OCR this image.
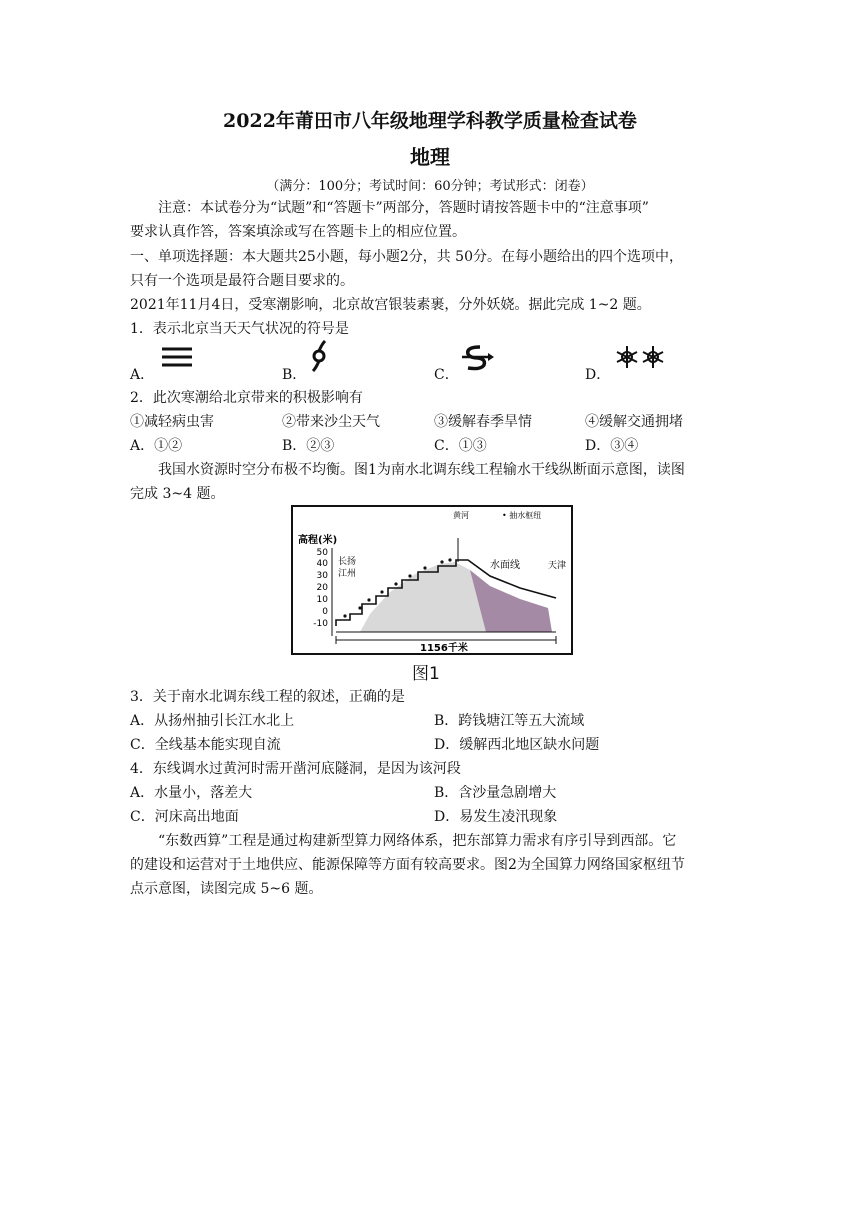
2022年莆田市八年级地理学科教学质量检查试卷
地理
（满分：100分；考试时间：60分钟；考试形式：闭卷）
注意：本试卷分为“试题”和“答题卡”两部分，答题时请按答题卡中的“注意事项”
要求认真作答，答案填涂或写在答题卡上的相应位置。
一、单项选择题：本大题共25小题，每小题2分，共 50分。在每小题给出的四个选项中，
只有一个选项是最符合题目要求的。
2021年11月4日，受寒潮影响，北京故宫银装素裹，分外妖娆。据此完成 1~2 题。
1．表示北京当天天气状况的符号是
A．	B．	C．	D．
2．此次寒潮给北京带来的积极影响有
①减轻病虫害	②带来沙尘天气	③缓解春季旱情	④缓解交通拥堵
A．①②	B．②③	C．①③	D．③④
我国水资源时空分布极不均衡。图1为南水北调东线工程输水干线纵断面示意图，读图
完成 3~4 题。
高程(米)
50
40
30
20
10
0
-10
长扬
江州
黄河
水面线	天津
• 抽水枢纽
1156千米
图1
3．关于南水北调东线工程的叙述，正确的是
A．从扬州抽引长江水北上	B．跨钱塘江等五大流域
C．全线基本能实现自流	D．缓解西北地区缺水问题
4．东线调水过黄河时需开凿河底隧洞，是因为该河段
A．水量小，落差大	B．含沙量急剧增大
C．河床高出地面	D．易发生凌汛现象
“东数西算”工程是通过构建新型算力网络体系，把东部算力需求有序引导到西部。它
的建设和运营对于土地供应、能源保障等方面有较高要求。图2为全国算力网络国家枢纽节
点示意图，读图完成 5~6 题。
